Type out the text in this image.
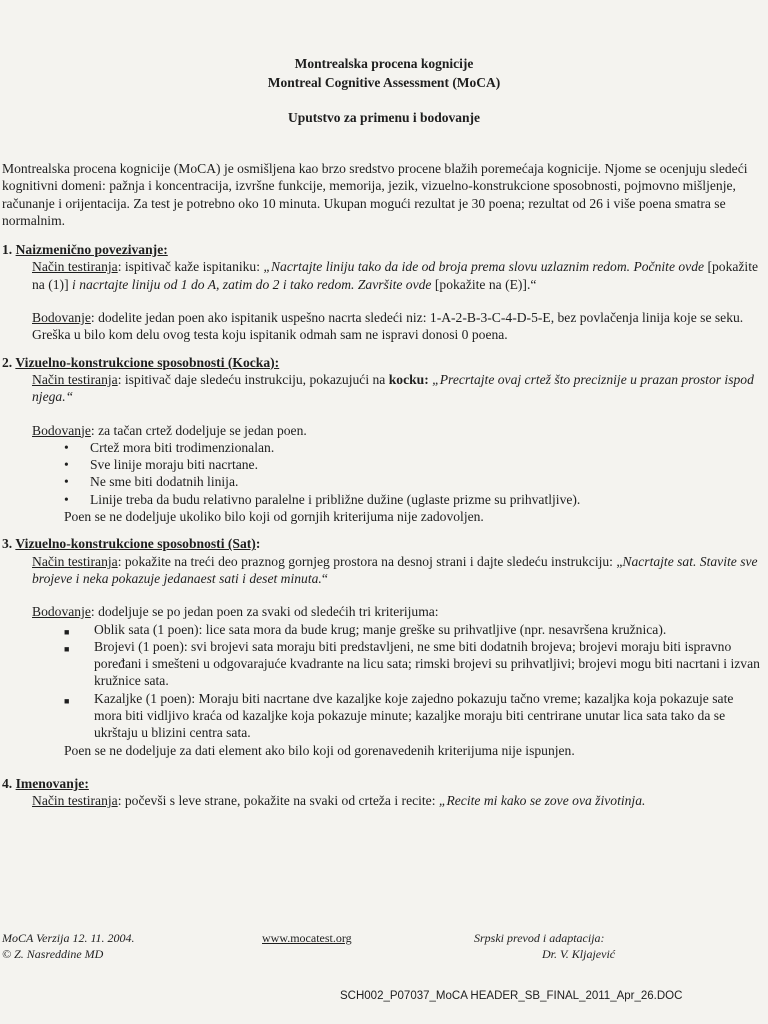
Montrealska procena kognicije

Montreal Cognitive Assessment (MoCA)

Uputstvo za primenu i bodovanje

Montrealska procena kognicije (MoCA) je osmišljena kao brzo sredstvo procene blažih poremećaja kognicije. Njome se ocenjuju sledeći kognitivni domeni: pažnja i koncentracija, izvršne funkcije, memorija, jezik, vizuelno-konstrukcione sposobnosti, pojmovno mišljenje, računanje i orijentacija. Za test je potrebno oko 10 minuta. Ukupan mogući rezultat je 30 poena; rezultat od 26 i više poena smatra se normalnim.

1. Naizmenično povezivanje:

Način testiranja: ispitivač kaže ispitaniku: „Nacrtajte liniju tako da ide od broja prema slovu uzlaznim redom. Počnite ovde [pokažite na (1)] i nacrtajte liniju od 1 do A, zatim do 2 i tako redom. Završite ovde [pokažite na (E)].“

Bodovanje: dodelite jedan poen ako ispitanik uspešno nacrta sledeći niz: 1-A-2-B-3-C-4-D-5-E, bez povlačenja linija koje se seku. Greška u bilo kom delu ovog testa koju ispitanik odmah sam ne ispravi donosi 0 poena.

2. Vizuelno-konstrukcione sposobnosti (Kocka):

Način testiranja: ispitivač daje sledeću instrukciju, pokazujući na kocku: „Precrtajte ovaj crtež što preciznije u prazan prostor ispod njega.“

Bodovanje: za tačan crtež dodeljuje se jedan poen.

• Crtež mora biti trodimenzionalan.
• Sve linije moraju biti nacrtane.
• Ne sme biti dodatnih linija.
• Linije treba da budu relativno paralelne i približne dužine (uglaste prizme su prihvatljive).

Poen se ne dodeljuje ukoliko bilo koji od gornjih kriterijuma nije zadovoljen.

3. Vizuelno-konstrukcione sposobnosti (Sat):

Način testiranja: pokažite na treći deo praznog gornjeg prostora na desnoj strani i dajte sledeću instrukciju: „Nacrtajte sat. Stavite sve brojeve i neka pokazuje jedanaest sati i deset minuta.“

Bodovanje: dodeljuje se po jedan poen za svaki od sledećih tri kriterijuma:

■ Oblik sata (1 poen): lice sata mora da bude krug; manje greške su prihvatljive (npr. nesavršena kružnica).
■ Brojevi (1 poen): svi brojevi sata moraju biti predstavljeni, ne sme biti dodatnih brojeva; brojevi moraju biti ispravno poređani i smešteni u odgovarajuće kvadrante na licu sata; rimski brojevi su prihvatljivi; brojevi mogu biti nacrtani i izvan kružnice sata.
■ Kazaljke (1 poen): Moraju biti nacrtane dve kazaljke koje zajedno pokazuju tačno vreme; kazaljka koja pokazuje sate mora biti vidljivo kraća od kazaljke koja pokazuje minute; kazaljke moraju biti centrirane unutar lica sata tako da se ukrštaju u blizini centra sata.

Poen se ne dodeljuje za dati element ako bilo koji od gorenavedenih kriterijuma nije ispunjen.

4. Imenovanje:

Način testiranja: počevši s leve strane, pokažite na svaki od crteža i recite: „Recite mi kako se zove ova životinja.

MoCA Verzija 12. 11. 2004.
© Z. Nasreddine MD
www.mocatest.org	Srpski prevod i adaptacija:
Dr. V. Kljajević
SCH002_P07037_MoCA HEADER_SB_FINAL_2011_Apr_26.DOC
